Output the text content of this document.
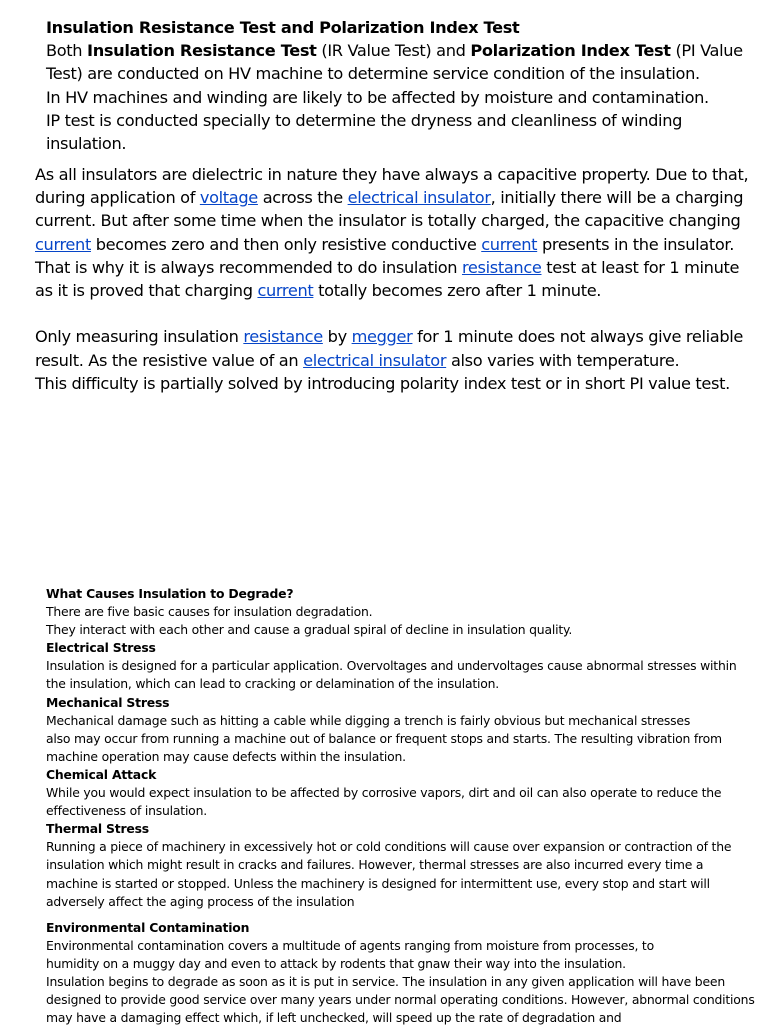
Insulation Resistance Test and Polarization Index Test

Both Insulation Resistance Test (IR Value Test) and Polarization Index Test (PI Value Test) are conducted on HV machine to determine service condition of the insulation.

In HV machines and winding are likely to be affected by moisture and contamination.

IP test is conducted specially to determine the dryness and cleanliness of winding insulation.

As all insulators are dielectric in nature they have always a capacitive property. Due to that, during application of voltage across the electrical insulator, initially there will be a charging current. But after some time when the insulator is totally charged, the capacitive changing current becomes zero and then only resistive conductive current presents in the insulator. That is why it is always recommended to do insulation resistance test at least for 1 minute as it is proved that charging current totally becomes zero after 1 minute.

Only measuring insulation resistance by megger for 1 minute does not always give reliable result. As the resistive value of an electrical insulator also varies with temperature.

This difficulty is partially solved by introducing polarity index test or in short PI value test.

What Causes Insulation to Degrade?

There are five basic causes for insulation degradation.

They interact with each other and cause a gradual spiral of decline in insulation quality.

Electrical Stress

Insulation is designed for a particular application. Overvoltages and undervoltages cause abnormal stresses within the insulation, which can lead to cracking or delamination of the insulation.

Mechanical Stress

Mechanical damage such as hitting a cable while digging a trench is fairly obvious but mechanical stresses

also may occur from running a machine out of balance or frequent stops and starts. The resulting vibration from machine operation may cause defects within the insulation.

Chemical Attack

While you would expect insulation to be affected by corrosive vapors, dirt and oil can also operate to reduce the effectiveness of insulation.

Thermal Stress

Running a piece of machinery in excessively hot or cold conditions will cause over expansion or contraction of the insulation which might result in cracks and failures. However, thermal stresses are also incurred every time a machine is started or stopped. Unless the machinery is designed for intermittent use, every stop and start will adversely affect the aging process of the insulation

Environmental Contamination

Environmental contamination covers a multitude of agents ranging from moisture from processes, to

humidity on a muggy day and even to attack by rodents that gnaw their way into the insulation.

Insulation begins to degrade as soon as it is put in service. The insulation in any given application will have been designed to provide good service over many years under normal operating conditions. However, abnormal conditions may have a damaging effect which, if left unchecked, will speed up the rate of degradation and
